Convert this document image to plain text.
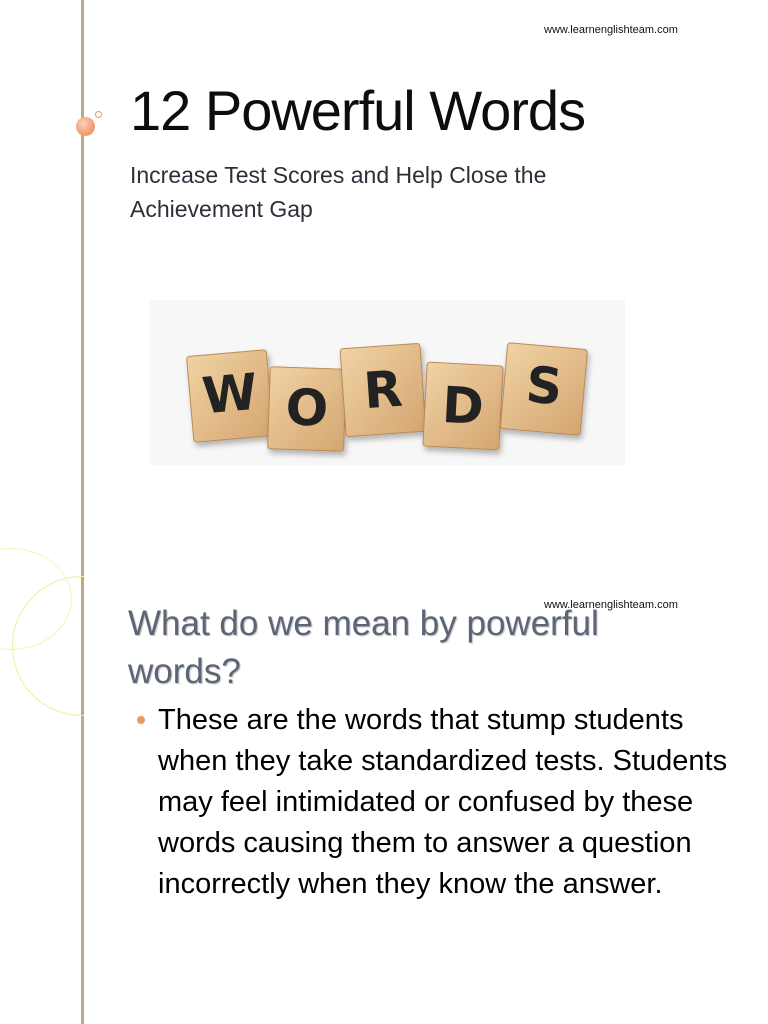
www.learnenglishteam.com
12 Powerful Words
Increase Test Scores and Help Close the Achievement Gap
W O R D S
What do we mean by powerful words?
www.learnenglishteam.com
These are the words that stump students when they take standardized tests. Students may feel intimidated or confused by these words causing them to answer a question incorrectly when they know the answer.
